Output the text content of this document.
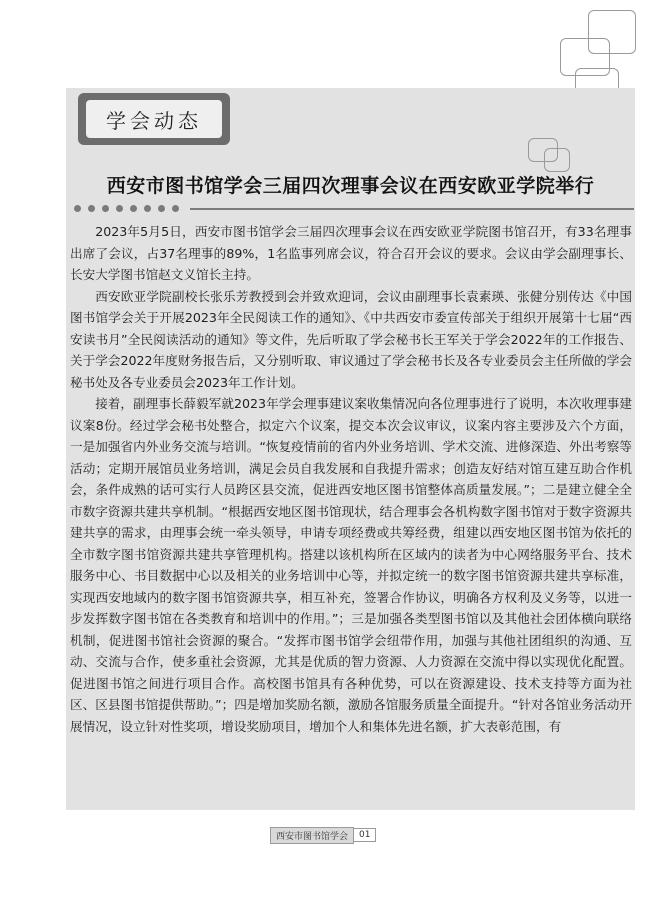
学会动态
西安市图书馆学会三届四次理事会议在西安欧亚学院举行

2023年5月5日，西安市图书馆学会三届四次理事会议在西安欧亚学院图书馆召开，有33名理事出席了会议，占37名理事的89%，1名监事列席会议，符合召开会议的要求。会议由学会副理事长、长安大学图书馆赵文义馆长主持。

西安欧亚学院副校长张乐芳教授到会并致欢迎词，会议由副理事长袁素瑛、张健分别传达《中国图书馆学会关于开展2023年全民阅读工作的通知》、《中共西安市委宣传部关于组织开展第十七届“西安读书月”全民阅读活动的通知》等文件，先后听取了学会秘书长王军关于学会2022年的工作报告、关于学会2022年度财务报告后，又分别听取、审议通过了学会秘书长及各专业委员会主任所做的学会秘书处及各专业委员会2023年工作计划。

接着，副理事长薛毅军就2023年学会理事建议案收集情况向各位理事进行了说明，本次收理事建议案8份。经过学会秘书处整合，拟定六个议案，提交本次会议审议，议案内容主要涉及六个方面，一是加强省内外业务交流与培训。“恢复疫情前的省内外业务培训、学术交流、进修深造、外出考察等活动；定期开展馆员业务培训，满足会员自我发展和自我提升需求；创造友好结对馆互建互助合作机会，条件成熟的话可实行人员跨区县交流，促进西安地区图书馆整体高质量发展。”；二是建立健全全市数字资源共建共享机制。“根据西安地区图书馆现状，结合理事会各机构数字图书馆对于数字资源共建共享的需求，由理事会统一牵头领导，申请专项经费或共筹经费，组建以西安地区图书馆为依托的全市数字图书馆资源共建共享管理机构。搭建以该机构所在区域内的读者为中心网络服务平台、技术服务中心、书目数据中心以及相关的业务培训中心等，并拟定统一的数字图书馆资源共建共享标准，实现西安地域内的数字图书馆资源共享，相互补充，签署合作协议，明确各方权利及义务等，以进一步发挥数字图书馆在各类教育和培训中的作用。”；三是加强各类型图书馆以及其他社会团体横向联络机制，促进图书馆社会资源的聚合。“发挥市图书馆学会纽带作用，加强与其他社团组织的沟通、互动、交流与合作，使多重社会资源，尤其是优质的智力资源、人力资源在交流中得以实现优化配置。促进图书馆之间进行项目合作。高校图书馆具有各种优势，可以在资源建设、技术支持等方面为社区、区县图书馆提供帮助。”；四是增加奖励名额，激励各馆服务质量全面提升。“针对各馆业务活动开展情况，设立针对性奖项，增设奖励项目，增加个人和集体先进名额，扩大表彰范围，有

西安市图书馆学会	01
